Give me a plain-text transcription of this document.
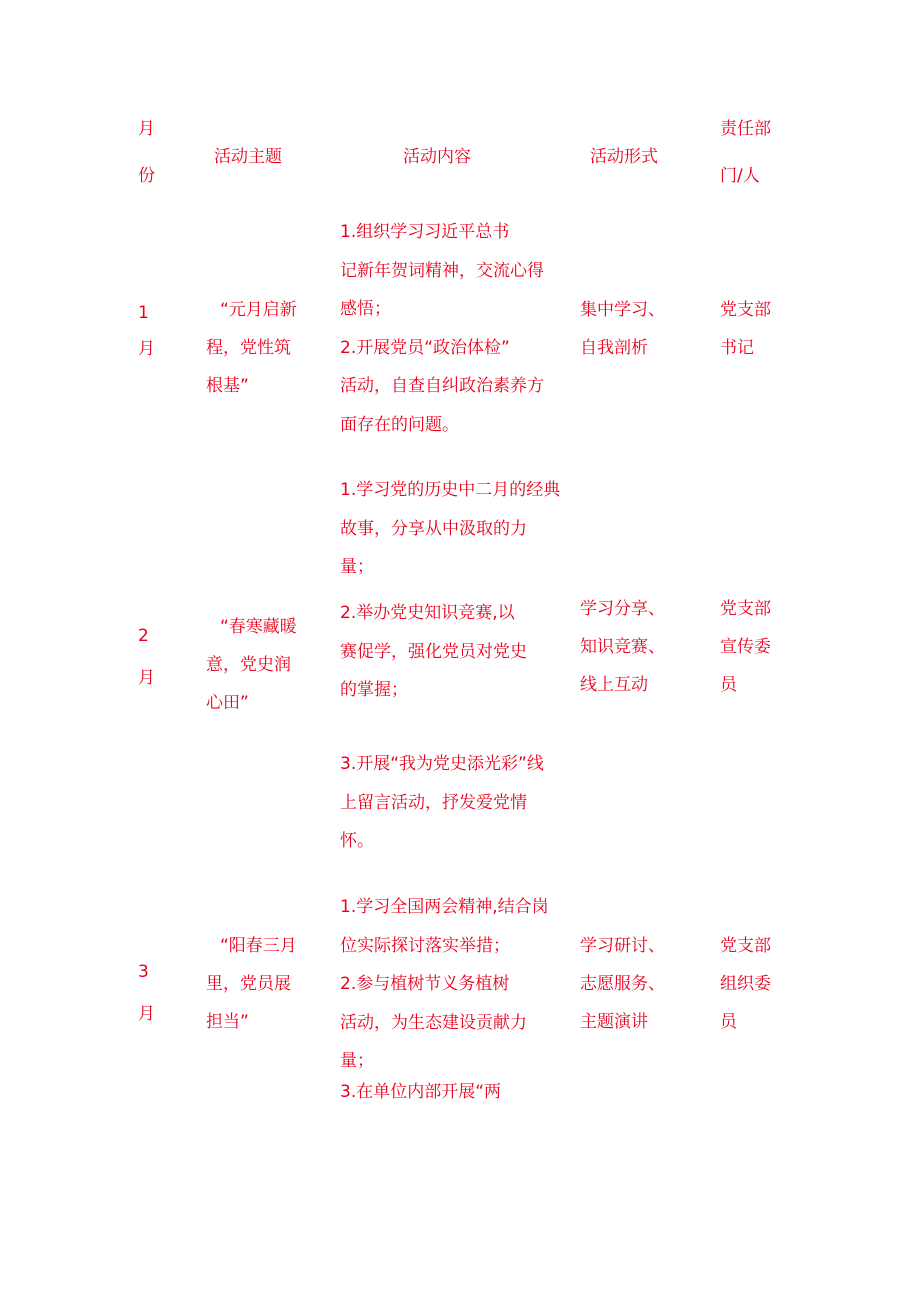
月
份
活动主题	活动内容	活动形式
责任部
门/人
1
月
“元月启新
程，党性筑
根基”
1.组织学习习近平总书
记新年贺词精神，交流心得
感悟；
2.开展党员“政治体检”
活动，自查自纠政治素养方
面存在的问题。
集中学习、
自我剖析
党支部
书记
2
月
“春寒藏暖
意，党史润
心田”
1.学习党的历史中二月的经典
故事，分享从中汲取的力
量；
2.举办党史知识竞赛,以
赛促学，强化党员对党史
的掌握；
3.开展“我为党史添光彩”线
上留言活动，抒发爱党情
怀。
学习分享、
知识竞赛、
线上互动
党支部
宣传委
员
3
月
“阳春三月
里，党员展
担当”
1.学习全国两会精神,结合岗
位实际探讨落实举措；
2.参与植树节义务植树
活动，为生态建设贡献力
量；
3.在单位内部开展“两
学习研讨、
志愿服务、
主题演讲
党支部
组织委
员
